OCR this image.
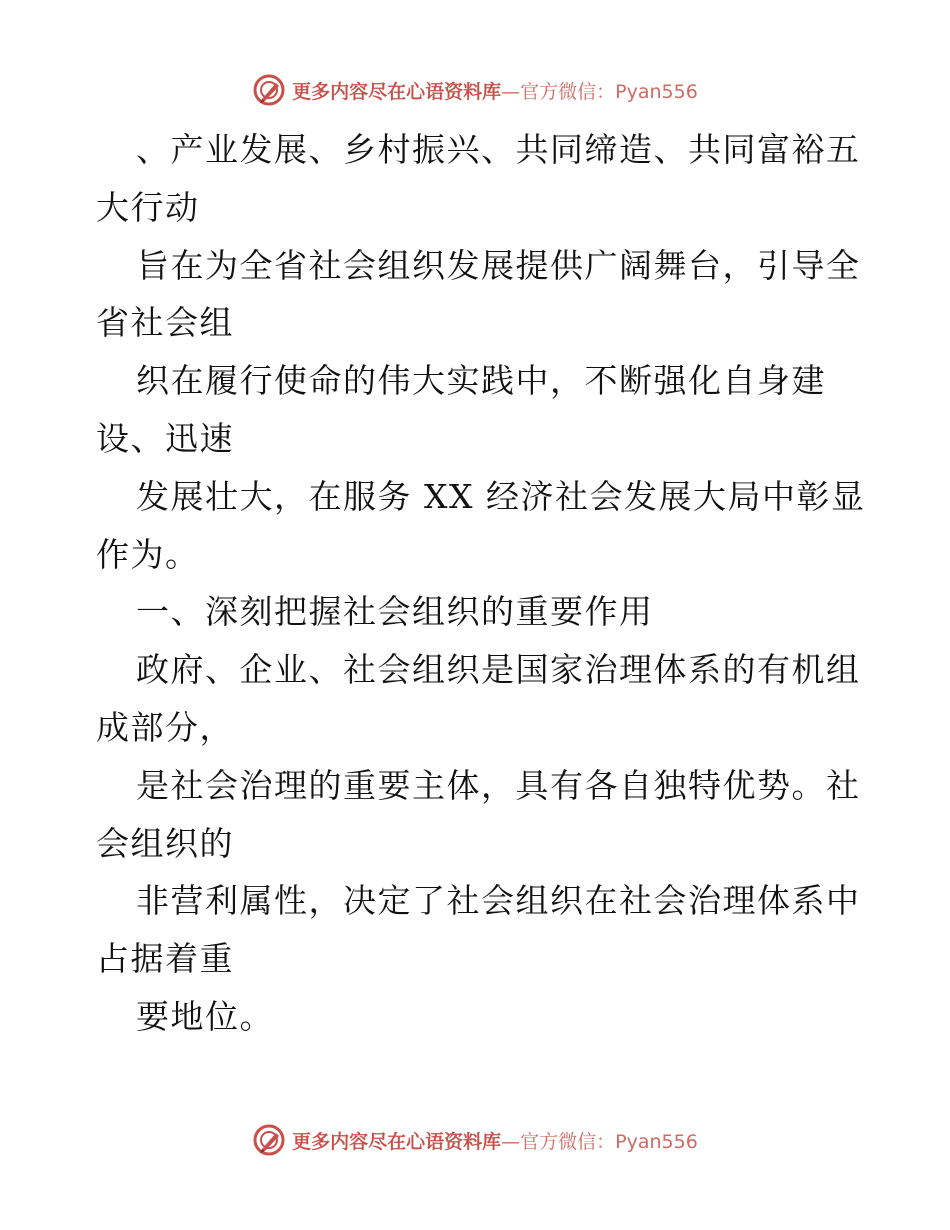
更多内容尽在心语资料库—官方微信：Pyan556
、产业发展、乡村振兴、共同缔造、共同富裕五
大行动
旨在为全省社会组织发展提供广阔舞台，引导全
省社会组
织在履行使命的伟大实践中，不断强化自身建
设、迅速
发展壮大，在服务 XX 经济社会发展大局中彰显
作为。
一、深刻把握社会组织的重要作用
政府、企业、社会组织是国家治理体系的有机组
成部分，
是社会治理的重要主体，具有各自独特优势。社
会组织的
非营利属性，决定了社会组织在社会治理体系中
占据着重
要地位。
更多内容尽在心语资料库—官方微信：Pyan556
